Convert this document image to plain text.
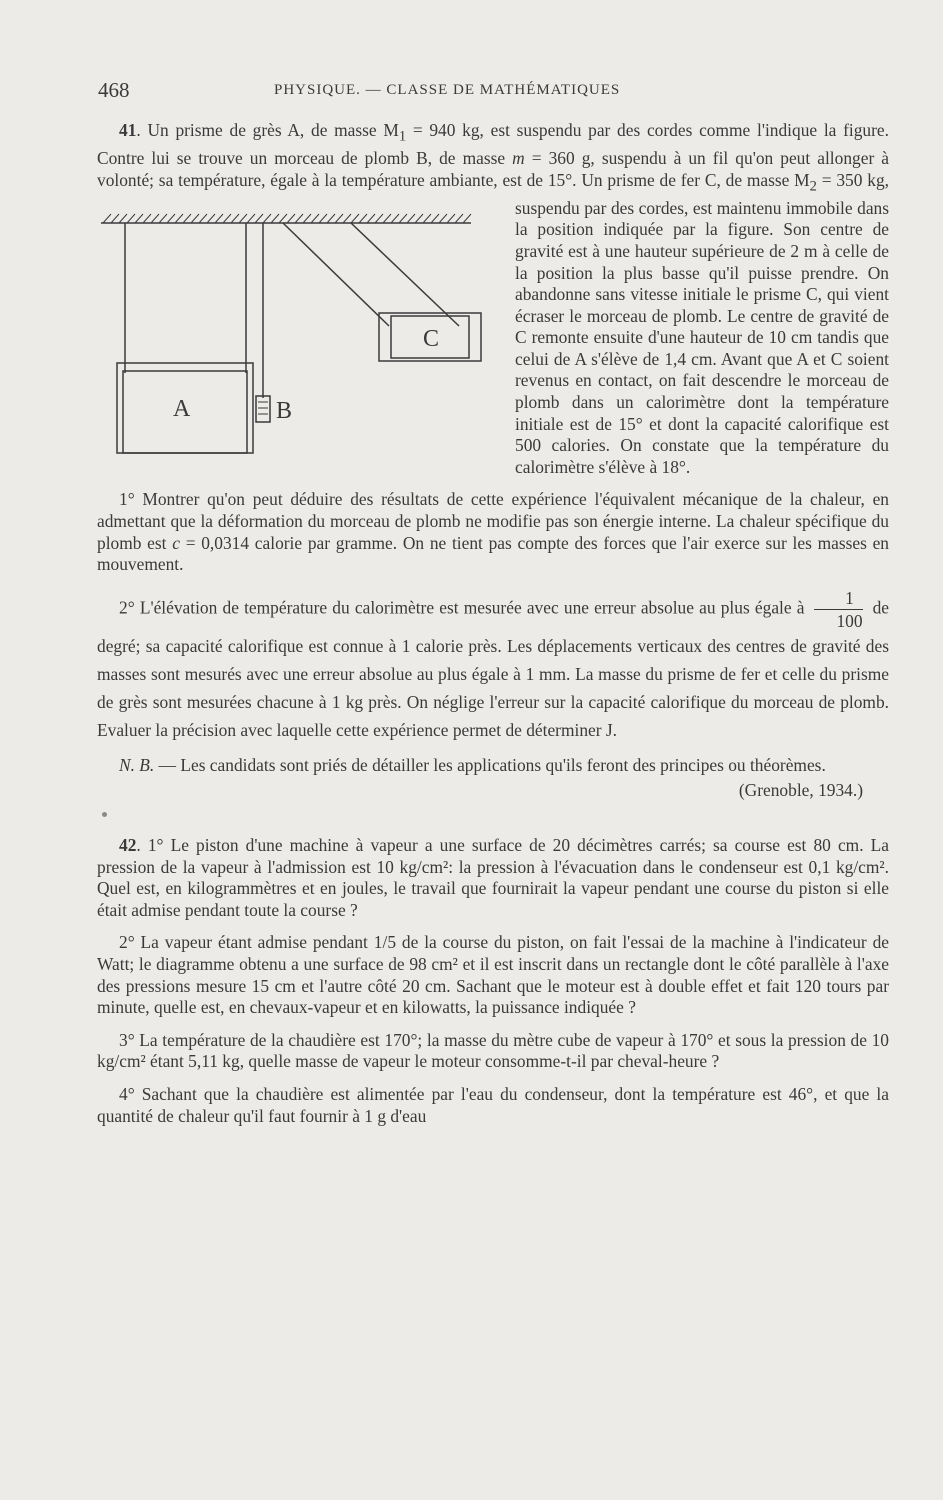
468	PHYSIQUE. — CLASSE DE MATHÉMATIQUES

41. Un prisme de grès A, de masse $M_1 = 940$ kg, est suspendu par des cordes comme l'indique la figure. Contre lui se trouve un morceau de plomb B, de masse m = 360 g, suspendu à un fil qu'on peut allonger à volonté; sa température, égale à la température ambiante, est de 15°. Un prisme de fer C, de masse M
A	B
C
$_2$ = 350 kg, suspendu par des cordes, est maintenu immobile dans la position indiquée par la figure. Son centre de gravité est à une hauteur supérieure de 2 m à celle de la position la plus basse qu'il puisse prendre. On abandonne sans vitesse initiale le prisme C, qui vient écraser le morceau de plomb. Le centre de gravité de C remonte ensuite d'une hauteur de 10 cm tandis que celui de A s'élève de 1,4 cm. Avant que A et C soient revenus en contact, on fait descendre le morceau de plomb dans un calorimètre dont la température initiale est de 15° et dont la capacité calorifique est 500 calories. On constate que la température du calorimètre s'élève à 18°.

1° Montrer qu'on peut déduire des résultats de cette expérience l'équivalent mécanique de la chaleur, en admettant que la déformation du morceau de plomb ne modifie pas son énergie interne. La chaleur spécifique du plomb est c = 0,0314 calorie par gramme. On ne tient pas compte des forces que l'air exerce sur les masses en mouvement.

2° L'élévation de température du calorimètre est mesurée avec une erreur absolue au plus égale à $\frac{1}{100}$ de degré; sa capacité calorifique est connue à 1 calorie près. Les déplacements verticaux des centres de gravité des masses sont mesurés avec une erreur absolue au plus égale à 1 mm. La masse du prisme de fer et celle du prisme de grès sont mesurées chacune à 1 kg près. On néglige l'erreur sur la capacité calorifique du morceau de plomb. Evaluer la précision avec laquelle cette expérience permet de déterminer J.

N. B. — Les candidats sont priés de détailler les applications qu'ils feront des principes ou théorèmes.

(Grenoble, 1934.)

42. 1° Le piston d'une machine à vapeur a une surface de 20 décimètres carrés; sa course est 80 cm. La pression de la vapeur à l'admission est 10 kg/cm²: la pression à l'évacuation dans le condenseur est 0,1 kg/cm². Quel est, en kilogrammètres et en joules, le travail que fournirait la vapeur pendant une course du piston si elle était admise pendant toute la course ?

2° La vapeur étant admise pendant 1/5 de la course du piston, on fait l'essai de la machine à l'indicateur de Watt; le diagramme obtenu a une surface de 98 cm² et il est inscrit dans un rectangle dont le côté parallèle à l'axe des pressions mesure 15 cm et l'autre côté 20 cm. Sachant que le moteur est à double effet et fait 120 tours par minute, quelle est, en chevaux-vapeur et en kilowatts, la puissance indiquée ?

3° La température de la chaudière est 170°; la masse du mètre cube de vapeur à 170° et sous la pression de 10 kg/cm² étant 5,11 kg, quelle masse de vapeur le moteur consomme-t-il par cheval-heure ?

4° Sachant que la chaudière est alimentée par l'eau du condenseur, dont la température est 46°, et que la quantité de chaleur qu'il faut fournir à 1 g d'eau
